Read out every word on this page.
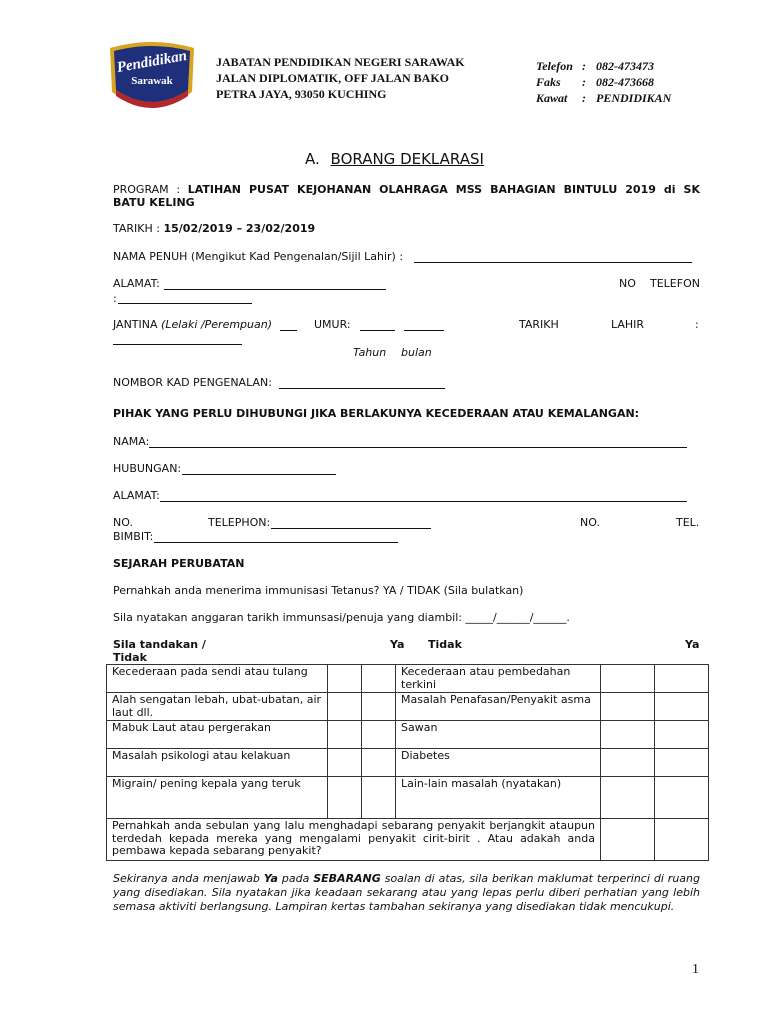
Pendidikan
Sarawak
JABATAN PENDIDIKAN NEGERI SARAWAK
JALAN DIPLOMATIK, OFF JALAN BAKO
PETRA JAYA, 93050 KUCHING
Telefon : 082-473473
Faks : 082-473668
Kawat : PENDIDIKAN
A. BORANG DEKLARASI
PROGRAM : LATIHAN PUSAT KEJOHANAN OLAHRAGA MSS BAHAGIAN BINTULU 2019 di SK
BATU KELING
TARIKH : 15/02/2019 – 23/02/2019
NAMA PENUH (Mengikut Kad Pengenalan/Sijil Lahir) :
ALAMAT:	NO TELEFON
:
JANTINA (Lelaki /Perempuan)	UMUR:	TARIKH	LAHIR	:
Tahun bulan
NOMBOR KAD PENGENALAN:
PIHAK YANG PERLU DIHUBUNGI JIKA BERLAKUNYA KECEDERAAN ATAU KEMALANGAN:
NAMA:
HUBUNGAN:
ALAMAT:
NO.	TELEPHON:	NO.	TEL.
BIMBIT:
SEJARAH PERUBATAN
Pernahkah anda menerima immunisasi Tetanus? YA / TIDAK (Sila bulatkan)
Sila nyatakan anggaran tarikh immunsasi/penuja yang diambil: _____/______/______.
Sila tandakan /	Ya Tidak	Ya
Tidak
Kecederaan pada sendi atau tulang			Kecederaan atau pembedahan terkini		
Alah sengatan lebah, ubat-ubatan, air laut dll.			Masalah Penafasan/Penyakit asma		
Mabuk Laut atau pergerakan			Sawan		
Masalah psikologi atau kelakuan			Diabetes		
Migrain/ pening kepala yang teruk			Lain-lain masalah (nyatakan)		
Pernahkah anda sebulan yang lalu menghadapi sebarang penyakit berjangkit ataupun terdedah kepada mereka yang mengalami penyakit cirit-birit . Atau adakah anda pembawa kepada sebarang penyakit?					
Sekiranya anda menjawab Ya pada SEBARANG soalan di atas, sila berikan maklumat terperinci di ruang yang disediakan. Sila nyatakan jika keadaan sekarang atau yang lepas perlu diberi perhatian yang lebih semasa aktiviti berlangsung. Lampiran kertas tambahan sekiranya yang disediakan tidak mencukupi.
1
